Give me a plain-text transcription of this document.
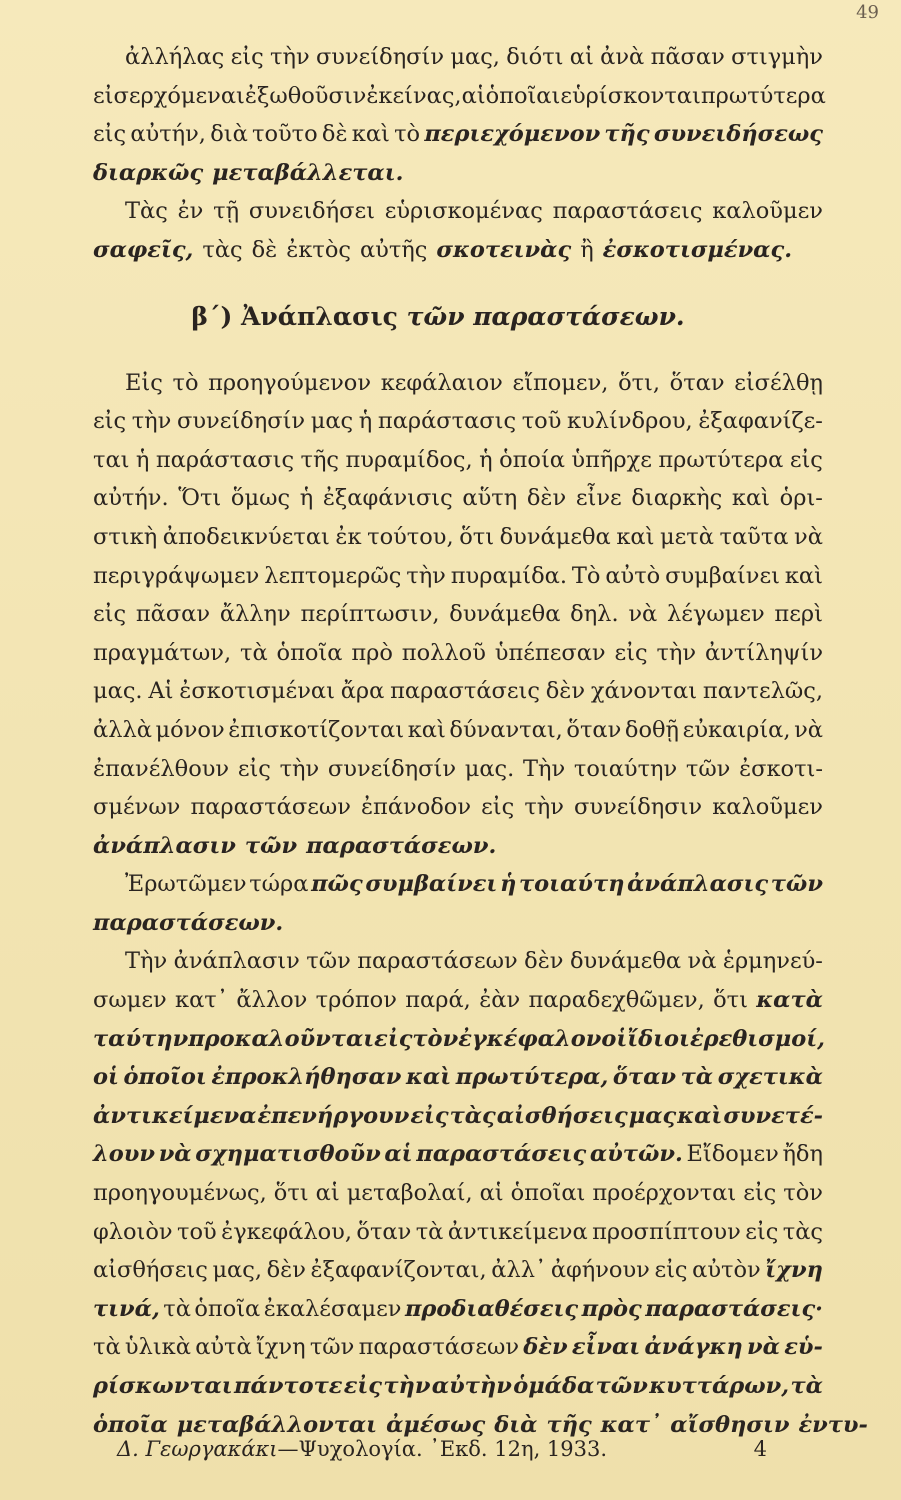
49
ἀλλήλας εἰς τὴν συνείδησίν μας, διότι αἱ ἀνὰ πᾶσαν στιγμὴν
εἰσερχόμεναι ἐξωθοῦσιν ἐκείνας, αἱ ὁποῖαι εὑρίσκονται πρωτύτερα
εἰς αὐτήν, διὰ τοῦτο δὲ καὶ τὸ περιεχόμενον τῆς συνειδήσεως
διαρκῶς μεταβάλλεται.
Τὰς ἐν τῇ συνειδήσει εὑρισκομένας παραστάσεις καλοῦμεν
σαφεῖς, τὰς δὲ ἐκτὸς αὐτῆς σκοτεινὰς ἢ ἐσκοτισμένας.
β΄) Ἀνάπλασις τῶν παραστάσεων.
Εἰς τὸ προηγούμενον κεφάλαιον εἴπομεν, ὅτι, ὅταν εἰσέλθῃ
εἰς τὴν συνείδησίν μας ἡ παράστασις τοῦ κυλίνδρου, ἐξαφανίζε-
ται ἡ παράστασις τῆς πυραμίδος, ἡ ὁποία ὑπῆρχε πρωτύτερα εἰς
αὐτήν. Ὅτι ὅμως ἡ ἐξαφάνισις αὕτη δὲν εἶνε διαρκὴς καὶ ὁρι-
στικὴ ἀποδεικνύεται ἐκ τούτου, ὅτι δυνάμεθα καὶ μετὰ ταῦτα νὰ
περιγράψωμεν λεπτομερῶς τὴν πυραμίδα. Τὸ αὐτὸ συμβαίνει καὶ
εἰς πᾶσαν ἄλλην περίπτωσιν, δυνάμεθα δηλ. νὰ λέγωμεν περὶ
πραγμάτων, τὰ ὁποῖα πρὸ πολλοῦ ὑπέπεσαν εἰς τὴν ἀντίληψίν
μας. Αἱ ἐσκοτισμέναι ἄρα παραστάσεις δὲν χάνονται παντελῶς,
ἀλλὰ μόνον ἐπισκοτίζονται καὶ δύνανται, ὅταν δοθῇ εὐκαιρία, νὰ
ἐπανέλθουν εἰς τὴν συνείδησίν μας. Τὴν τοιαύτην τῶν ἐσκοτι-
σμένων παραστάσεων ἐπάνοδον εἰς τὴν συνείδησιν καλοῦμεν
ἀνάπλασιν τῶν παραστάσεων.
Ἐρωτῶμεν τώρα πῶς συμβαίνει ἡ τοιαύτη ἀνάπλασις τῶν
παραστάσεων.
Τὴν ἀνάπλασιν τῶν παραστάσεων δὲν δυνάμεθα νὰ ἑρμηνεύ-
σωμεν κατ᾽ ἄλλον τρόπον παρά, ἐὰν παραδεχθῶμεν, ὅτι κατὰ
ταύτην προκαλοῦνται εἰς τὸν ἐγκέφαλον οἱ ἴδιοι ἐρεθισμοί,
οἱ ὁποῖοι ἐπροκλήθησαν καὶ πρωτύτερα, ὅταν τὰ σχετικὰ
ἀντικείμενα ἐπενήργουν εἰς τὰς αἰσθήσεις μας καὶ συνετέ-
λουν νὰ σχηματισθοῦν αἱ παραστάσεις αὐτῶν. Εἴδομεν ἤδη
προηγουμένως, ὅτι αἱ μεταβολαί, αἱ ὁποῖαι προέρχονται εἰς τὸν
φλοιὸν τοῦ ἐγκεφάλου, ὅταν τὰ ἀντικείμενα προσπίπτουν εἰς τὰς
αἰσθήσεις μας, δὲν ἐξαφανίζονται, ἀλλ᾽ ἀφήνουν εἰς αὐτὸν ἴχνη
τινά, τὰ ὁποῖα ἐκαλέσαμεν προδιαθέσεις πρὸς παραστάσεις·
τὰ ὑλικὰ αὐτὰ ἴχνη τῶν παραστάσεων δὲν εἶναι ἀνάγκη νὰ εὑ-
ρίσκωνται πάντοτε εἰς τὴν αὐτὴν ὁμάδα τῶν κυττάρων, τὰ
ὁποῖα μεταβάλλονται ἀμέσως διὰ τῆς κατ᾽ αἴσθησιν ἐντυ-
Δ. Γεωργακάκι—Ψυχολογία. ᾿Εκδ. 12η, 1933.	4
